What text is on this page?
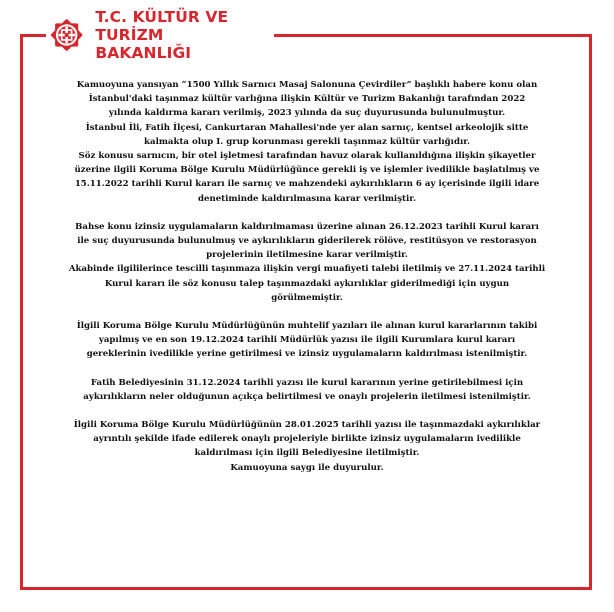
T.C. KÜLTÜR VE TURİZM
BAKANLIĞI

Kamuoyuna yansıyan “1500 Yıllık Sarnıcı Masaj Salonuna Çevirdiler” başlıklı habere konu olan

İstanbul'daki taşınmaz kültür varlığına ilişkin Kültür ve Turizm Bakanlığı tarafından 2022

yılında kaldırma kararı verilmiş, 2023 yılında da suç duyurusunda bulunulmuştur.

İstanbul İli, Fatih İlçesi, Cankurtaran Mahallesi'nde yer alan sarnıç, kentsel arkeolojik sitte

kalmakta olup I. grup korunması gerekli taşınmaz kültür varlığıdır.

Söz konusu sarnıcın, bir otel işletmesi tarafından havuz olarak kullanıldığına ilişkin şikayetler

üzerine ilgili Koruma Bölge Kurulu Müdürlüğünce gerekli iş ve işlemler ivedilikle başlatılmış ve

15.11.2022 tarihli Kurul kararı ile sarnıç ve mahzendeki aykırılıkların 6 ay içerisinde ilgili idare

denetiminde kaldırılmasına karar verilmiştir.

Bahse konu izinsiz uygulamaların kaldırılmaması üzerine alınan 26.12.2023 tarihli Kurul kararı

ile suç duyurusunda bulunulmuş ve aykırılıkların giderilerek rölöve, restitüsyon ve restorasyon

projelerinin iletilmesine karar verilmiştir.

Akabinde ilgililerince tescilli taşınmaza ilişkin vergi muafiyeti talebi iletilmiş ve 27.11.2024 tarihli

Kurul kararı ile söz konusu talep taşınmazdaki aykırılıklar giderilmediği için uygun

görülmemiştir.

İlgili Koruma Bölge Kurulu Müdürlüğünün muhtelif yazıları ile alınan kurul kararlarının takibi

yapılmış ve en son 19.12.2024 tarihli Müdürlük yazısı ile ilgili Kurumlara kurul kararı

gereklerinin ivedilikle yerine getirilmesi ve izinsiz uygulamaların kaldırılması istenilmiştir.

Fatih Belediyesinin 31.12.2024 tarihli yazısı ile kurul kararının yerine getirilebilmesi için

aykırılıkların neler olduğunun açıkça belirtilmesi ve onaylı projelerin iletilmesi istenilmiştir.

İlgili Koruma Bölge Kurulu Müdürlüğünün 28.01.2025 tarihli yazısı ile taşınmazdaki aykırılıklar

ayrıntılı şekilde ifade edilerek onaylı projeleriyle birlikte izinsiz uygulamaların ivedilikle

kaldırılması için ilgili Belediyesine iletilmiştir.

Kamuoyuna saygı ile duyurulur.
